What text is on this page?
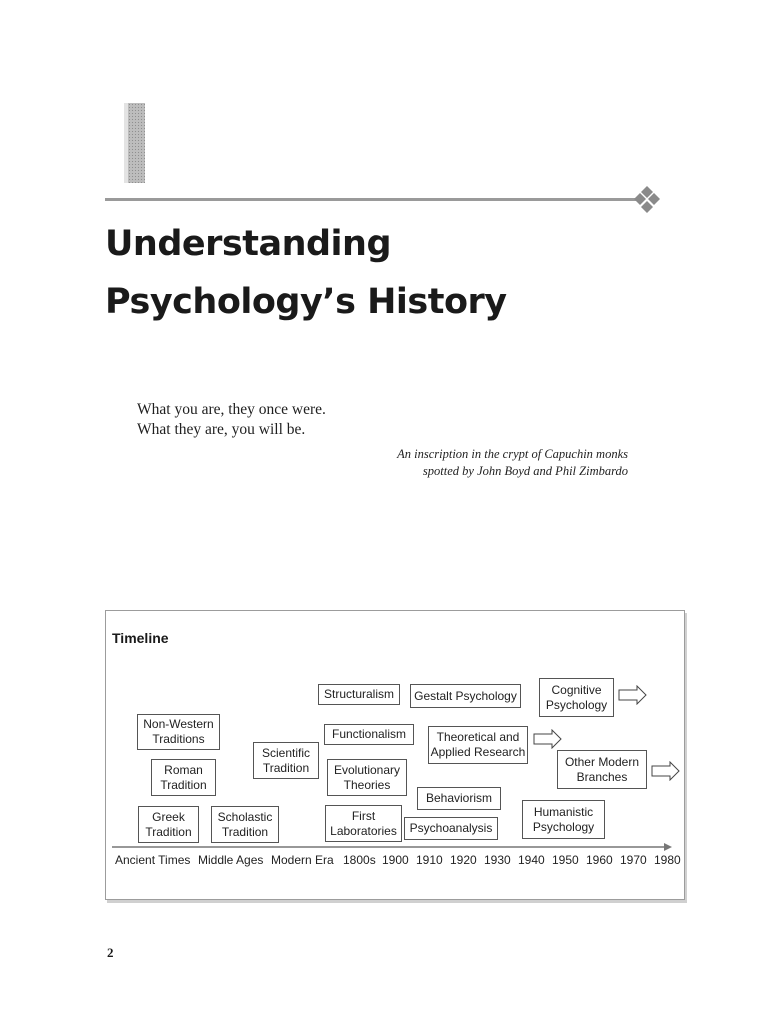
Understanding
Psychology’s History
What you are, they once were.
What they are, you will be.
An inscription in the crypt of Capuchin monks
spotted by John Boyd and Phil Zimbardo
Timeline
Non-Western
Traditions
Roman
Tradition
Greek
Tradition
Scholastic
Tradition
Scientific
Tradition
Structuralism
Functionalism
Evolutionary
Theories
First
Laboratories
Gestalt Psychology
Theoretical and
Applied Research
Behaviorism
Psychoanalysis
Cognitive
Psychology
Other Modern
Branches
Humanistic
Psychology
Ancient Times Middle Ages Modern Era 1800s 1900 1910 1920 1930 1940 1950 1960 1970 1980
2
